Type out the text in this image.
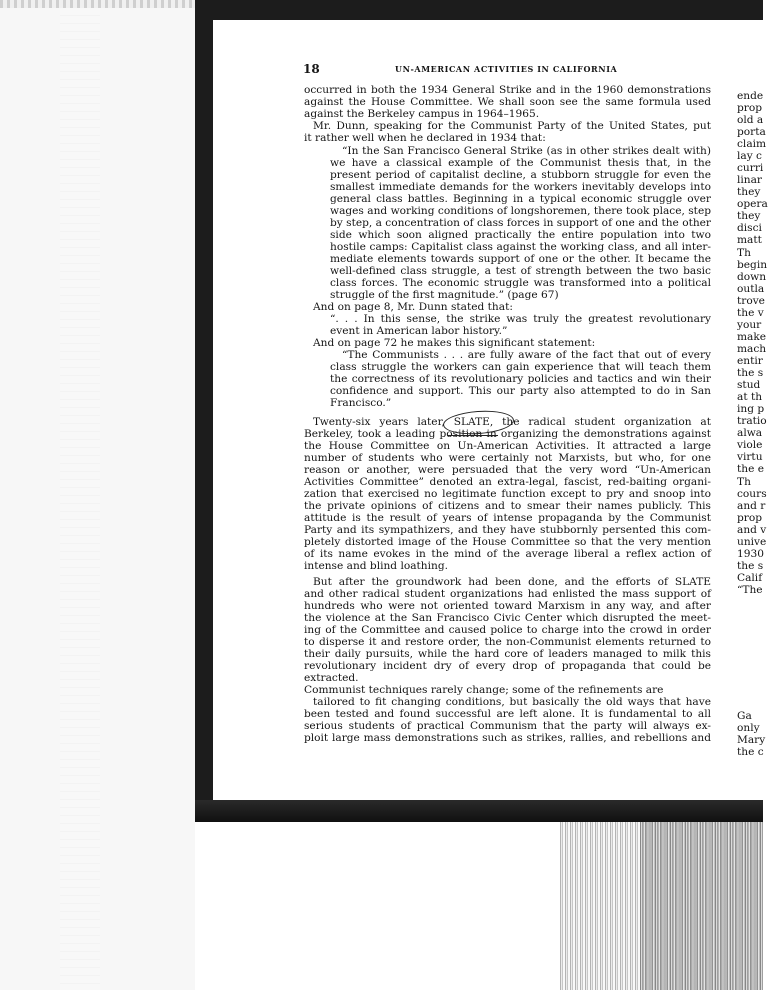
18	UN-AMERICAN ACTIVITIES IN CALIFORNIA
occurred in both the 1934 General Strike and in the 1960 demonstrations
against the House Committee. We shall soon see the same formula used
against the Berkeley campus in 1964–1965.
Mr. Dunn, speaking for the Communist Party of the United States, put
it rather well when he declared in 1934 that:
“In the San Francisco General Strike (as in other strikes dealt with)
we have a classical example of the Communist thesis that, in the
present period of capitalist decline, a stubborn struggle for even the
smallest immediate demands for the workers inevitably develops into
general class battles. Beginning in a typical economic struggle over
wages and working conditions of longshoremen, there took place, step
by step, a concentration of class forces in support of one and the other
side which soon aligned practically the entire population into two
hostile camps: Capitalist class against the working class, and all inter-
mediate elements towards support of one or the other. It became the
well-defined class struggle, a test of strength between the two basic
class forces. The economic struggle was transformed into a political
struggle of the first magnitude.” (page 67)
And on page 8, Mr. Dunn stated that:
“. . . In this sense, the strike was truly the greatest revolutionary
event in American labor history.”
And on page 72 he makes this significant statement:
“The Communists . . . are fully aware of the fact that out of every
class struggle the workers can gain experience that will teach them
the correctness of its revolutionary policies and tactics and win their
confidence and support. This our party also attempted to do in San
Francisco.”
Twenty-six years later, SLATE, the radical student organization at
Berkeley, took a leading position in organizing the demonstrations against
the House Committee on Un-American Activities. It attracted a large
number of students who were certainly not Marxists, but who, for one
reason or another, were persuaded that the very word “Un-American
Activities Committee” denoted an extra-legal, fascist, red-baiting organi-
zation that exercised no legitimate function except to pry and snoop into
the private opinions of citizens and to smear their names publicly. This
attitude is the result of years of intense propaganda by the Communist
Party and its sympathizers, and they have stubbornly persented this com-
pletely distorted image of the House Committee so that the very mention
of its name evokes in the mind of the average liberal a reflex action of
intense and blind loathing.
But after the groundwork had been done, and the efforts of SLATE
and other radical student organizations had enlisted the mass support of
hundreds who were not oriented toward Marxism in any way, and after
the violence at the San Francisco Civic Center which disrupted the meet-
ing of the Committee and caused police to charge into the crowd in order
to disperse it and restore order, the non-Communist elements returned to
their daily pursuits, while the hard core of leaders managed to milk this
revolutionary incident dry of every drop of propaganda that could be
extracted.
Communist techniques rarely change; some of the refinements are
tailored to fit changing conditions, but basically the old ways that have
been tested and found successful are left alone. It is fundamental to all
serious students of practical Communism that the party will always ex-
ploit large mass demonstrations such as strikes, rallies, and rebellions and
ende
prop
old a
porta
claim
lay c
curri
linar
they
opera
they
disci
matt
Th
begin
down
outla
trove
the v
your
make
mach
entir
the s
stud
at th
ing p
tratio
alwa
viole
virtu
the e
Th
cours
and r
prop
and v
unive
1930
the s
Calif
“The
Ga
only
Mary
the c
